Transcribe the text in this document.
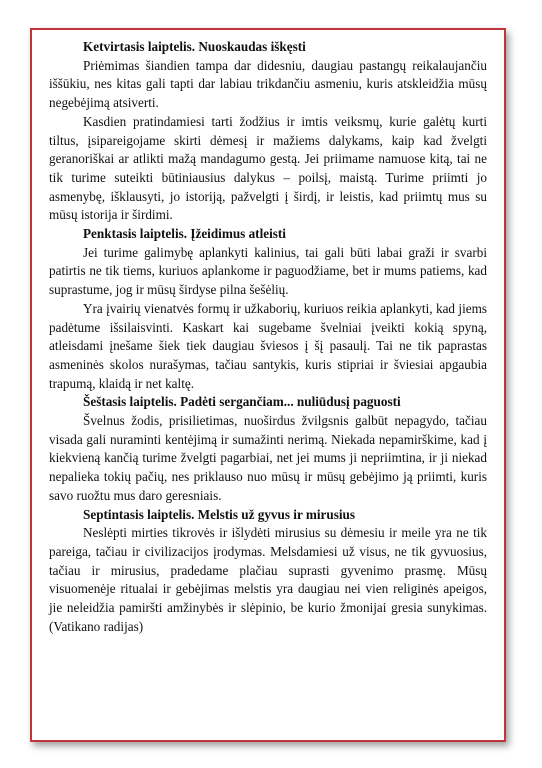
Ketvirtasis laiptelis. Nuoskaudas iškęsti

Priėmimas šiandien tampa dar didesniu, daugiau pastangų reikalaujančiu iššūkiu, nes kitas gali tapti dar labiau trikdančiu asmeniu, kuris atskleidžia mūsų negebėjimą atsiverti.

Kasdien pratindamiesi tarti žodžius ir imtis veiksmų, kurie galėtų kurti tiltus, įsipareigojame skirti dėmesį ir mažiems dalykams, kaip kad žvelgti geranoriškai ar atlikti mažą mandagumo gestą. Jei priimame namuose kitą, tai ne tik turime suteikti būtiniausius dalykus – poilsį, maistą. Turime priimti jo asmenybę, išklausyti, jo istoriją, pažvelgti į širdį, ir leistis, kad priimtų mus su mūsų istorija ir širdimi.

Penktasis laiptelis. Įžeidimus atleisti

Jei turime galimybę aplankyti kalinius, tai gali būti labai graži ir svarbi patirtis ne tik tiems, kuriuos aplankome ir paguodžiame, bet ir mums patiems, kad suprastume, jog ir mūsų širdyse pilna šešėlių.

Yra įvairių vienatvės formų ir užkaborių, kuriuos reikia aplankyti, kad jiems padėtume išsilaisvinti. Kaskart kai sugebame švelniai įveikti kokią spyną, atleisdami įnešame šiek tiek daugiau šviesos į šį pasaulį. Tai ne tik paprastas asmeninės skolos nurašymas, tačiau santykis, kuris stipriai ir šviesiai apgaubia trapumą, klaidą ir net kaltę.

Šeštasis laiptelis. Padėti sergančiam... nuliūdusį paguosti

Švelnus žodis, prisilietimas, nuoširdus žvilgsnis galbūt nepagydo, tačiau visada gali nuraminti kentėjimą ir sumažinti nerimą. Niekada nepamirškime, kad į kiekvieną kančią turime žvelgti pagarbiai, net jei mums ji nepriimtina, ir ji niekad nepalieka tokių pačių, nes priklauso nuo mūsų ir mūsų gebėjimo ją priimti, kuris savo ruožtu mus daro geresniais.

Septintasis laiptelis. Melstis už gyvus ir mirusius

Neslėpti mirties tikrovės ir išlydėti mirusius su dėmesiu ir meile yra ne tik pareiga, tačiau ir civilizacijos įrodymas. Melsdamiesi už visus, ne tik gyvuosius, tačiau ir mirusius, pradedame plačiau suprasti gyvenimo prasmę. Mūsų visuomenėje ritualai ir gebėjimas melstis yra daugiau nei vien religinės apeigos, jie neleidžia pamiršti amžinybės ir slėpinio, be kurio žmonijai gresia sunykimas. (Vatikano radijas)
